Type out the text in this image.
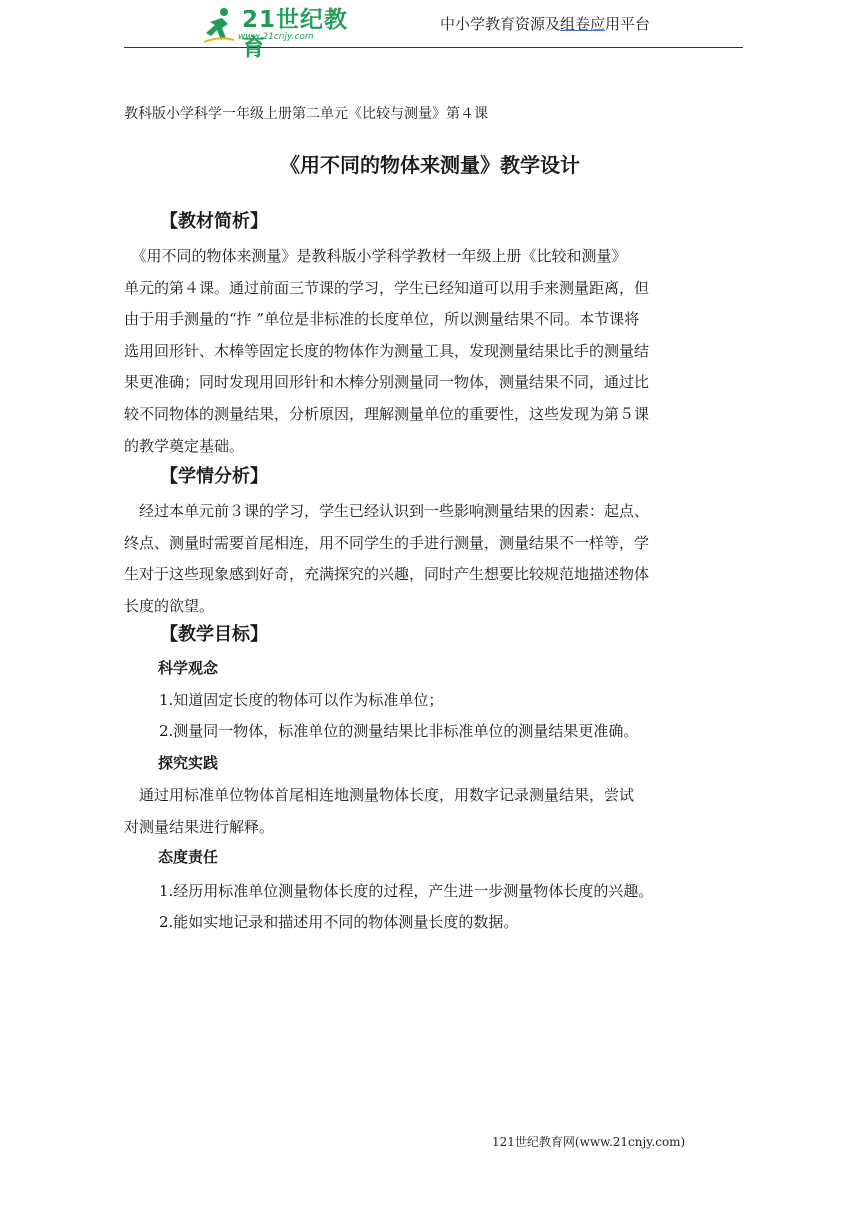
21世纪教育
www.21cnjy.com
中小学教育资源及组卷应用平台
教科版小学科学一年级上册第二单元《比较与测量》第４课
《用不同的物体来测量》教学设计
【教材简析】
　《用不同的物体来测量》是教科版小学科学教材一年级上册《比较和测量》
单元的第４课。通过前面三节课的学习，学生已经知道可以用手来测量距离，但
由于用手测量的“拃 ”单位是非标准的长度单位，所以测量结果不同。本节课将
选用回形针、木棒等固定长度的物体作为测量工具，发现测量结果比手的测量结
果更准确；同时发现用回形针和木棒分别测量同一物体，测量结果不同，通过比
较不同物体的测量结果，分析原因，理解测量单位的重要性，这些发现为第５课
的教学奠定基础。
【学情分析】
　经过本单元前３课的学习，学生已经认识到一些影响测量结果的因素：起点、
终点、测量时需要首尾相连，用不同学生的手进行测量，测量结果不一样等，学
生对于这些现象感到好奇，充满探究的兴趣，同时产生想要比较规范地描述物体
长度的欲望。
【教学目标】
科学观念
1.知道固定长度的物体可以作为标准单位；
2.测量同一物体，标准单位的测量结果比非标准单位的测量结果更准确。
探究实践
　通过用标准单位物体首尾相连地测量物体长度，用数字记录测量结果，尝试
对测量结果进行解释。
态度责任
1.经历用标准单位测量物体长度的过程，产生进一步测量物体长度的兴趣。
2.能如实地记录和描述用不同的物体测量长度的数据。
121世纪教育网(www.21cnjy.com)
